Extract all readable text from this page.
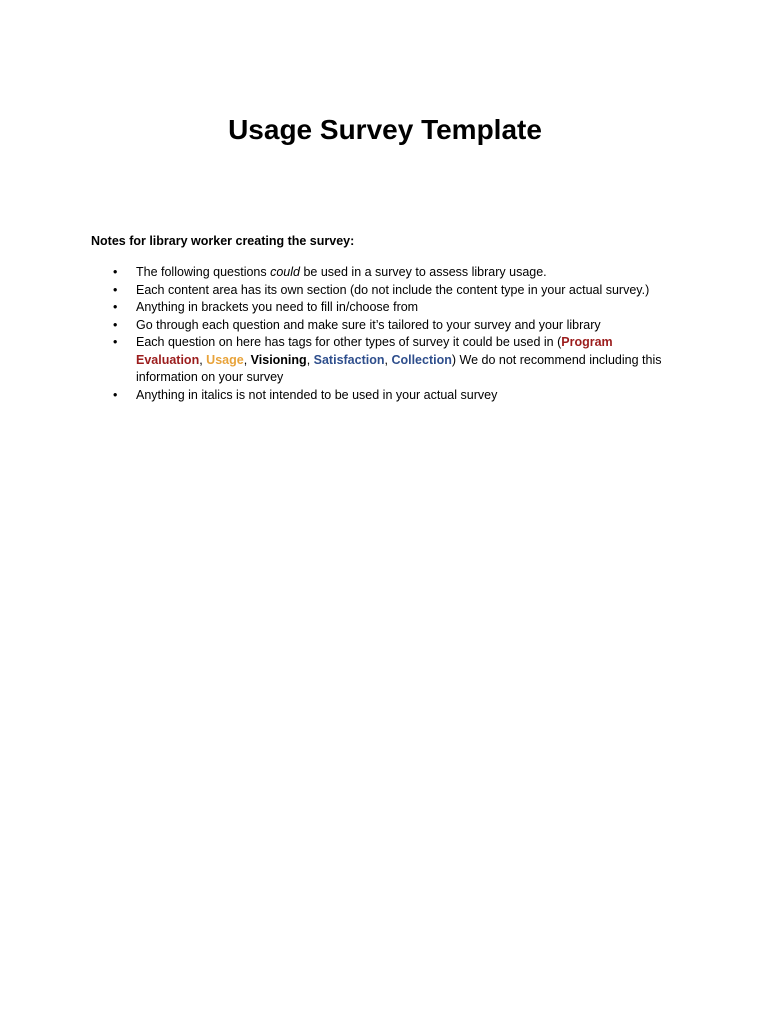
Usage Survey Template

Notes for library worker creating the survey:

• The following questions could be used in a survey to assess library usage.
• Each content area has its own section (do not include the content type in your actual survey.)
• Anything in brackets you need to fill in/choose from
• Go through each question and make sure it’s tailored to your survey and your library
• Each question on here has tags for other types of survey it could be used in (Program Evaluation, Usage, Visioning, Satisfaction, Collection) We do not recommend including this information on your survey
• Anything in italics is not intended to be used in your actual survey
